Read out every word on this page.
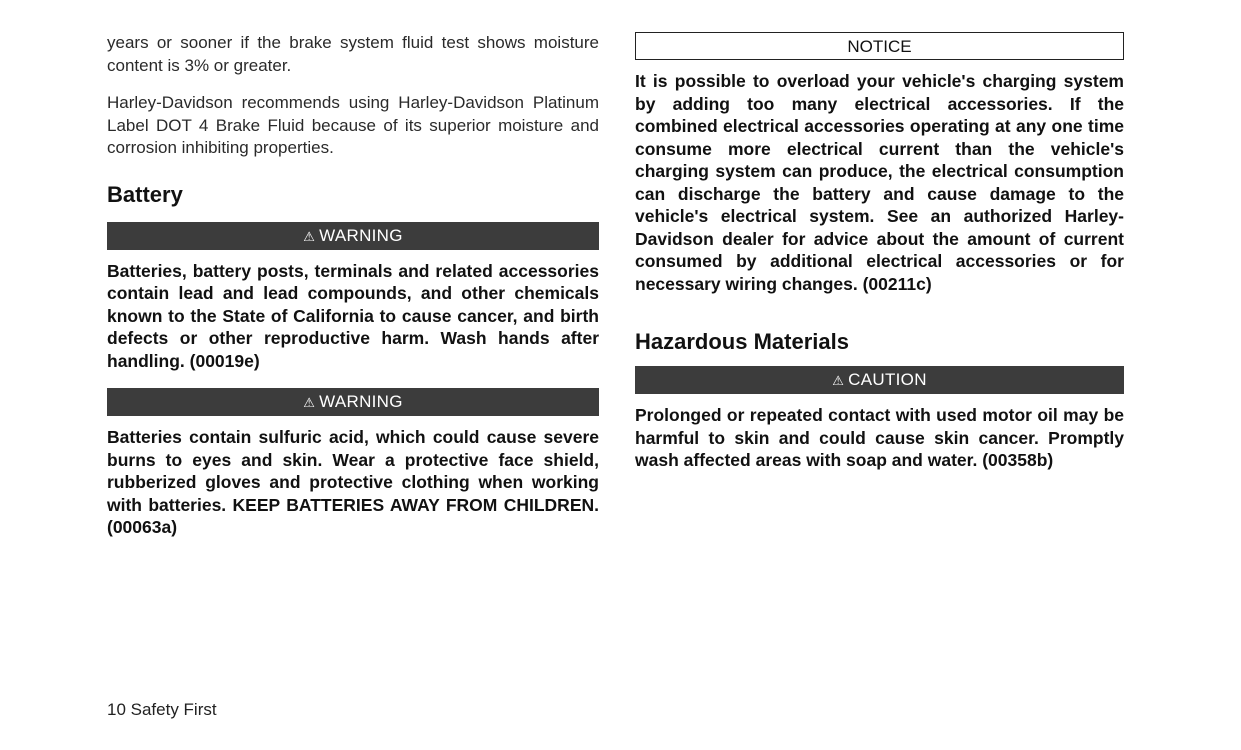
years or sooner if the brake system fluid test shows moisture content is 3% or greater.

Harley-Davidson recommends using Harley-Davidson Platinum Label DOT 4 Brake Fluid because of its superior moisture and corrosion inhibiting properties.

Battery
⚠ WARNING

Batteries, battery posts, terminals and related accessories contain lead and lead compounds, and other chemicals known to the State of California to cause cancer, and birth defects or other reproductive harm. Wash hands after handling. (00019e)

⚠ WARNING

Batteries contain sulfuric acid, which could cause severe burns to eyes and skin. Wear a protective face shield, rubberized gloves and protective clothing when working with batteries. KEEP BATTERIES AWAY FROM CHILDREN. (00063a)

NOTICE

It is possible to overload your vehicle's charging system by adding too many electrical accessories. If the combined electrical accessories operating at any one time consume more electrical current than the vehicle's charging system can produce, the electrical consumption can discharge the battery and cause damage to the vehicle's electrical system. See an authorized Harley-Davidson dealer for advice about the amount of current consumed by additional electrical accessories or for necessary wiring changes. (00211c)

Hazardous Materials
⚠ CAUTION

Prolonged or repeated contact with used motor oil may be harmful to skin and could cause skin cancer. Promptly wash affected areas with soap and water. (00358b)

10 Safety First
